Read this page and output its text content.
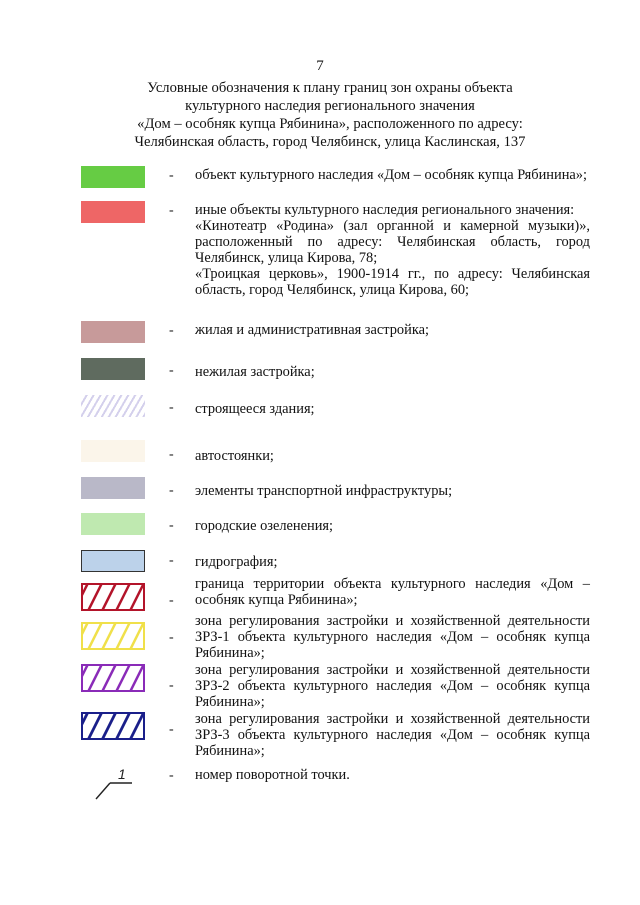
7
Условные обозначения к плану границ зон охраны объекта
культурного наследия регионального значения
«Дом – особняк купца Рябинина», расположенного по адресу:
Челябинская область, город Челябинск, улица Каслинская, 137
- объект культурного наследия «Дом – особняк купца Рябинина»;
- иные объекты культурного наследия регионального значения:

«Кинотеатр «Родина» (зал органной и камерной музыки)», расположенный по адресу: Челябинская область, город Челябинск, улица Кирова, 78;

«Троицкая церковь», 1900-1914 гг., по адресу: Челябинская область, город Челябинск, улица Кирова, 60;

- жилая и административная застройка;
- нежилая застройка;
- строящееся здания;
- автостоянки;
- элементы транспортной инфраструктуры;
- городские озеленения;
- гидрография;
-
граница территории объекта культурного наследия «Дом – особняк купца Рябинина»;
-
зона регулирования застройки и хозяйственной деятельности ЗРЗ-1 объекта культурного наследия «Дом – особняк купца Рябинина»;
-
зона регулирования застройки и хозяйственной деятельности ЗРЗ-2 объекта культурного наследия «Дом – особняк купца Рябинина»;
-
зона регулирования застройки и хозяйственной деятельности ЗРЗ-3 объекта культурного наследия «Дом – особняк купца Рябинина»;
1	- номер поворотной точки.
